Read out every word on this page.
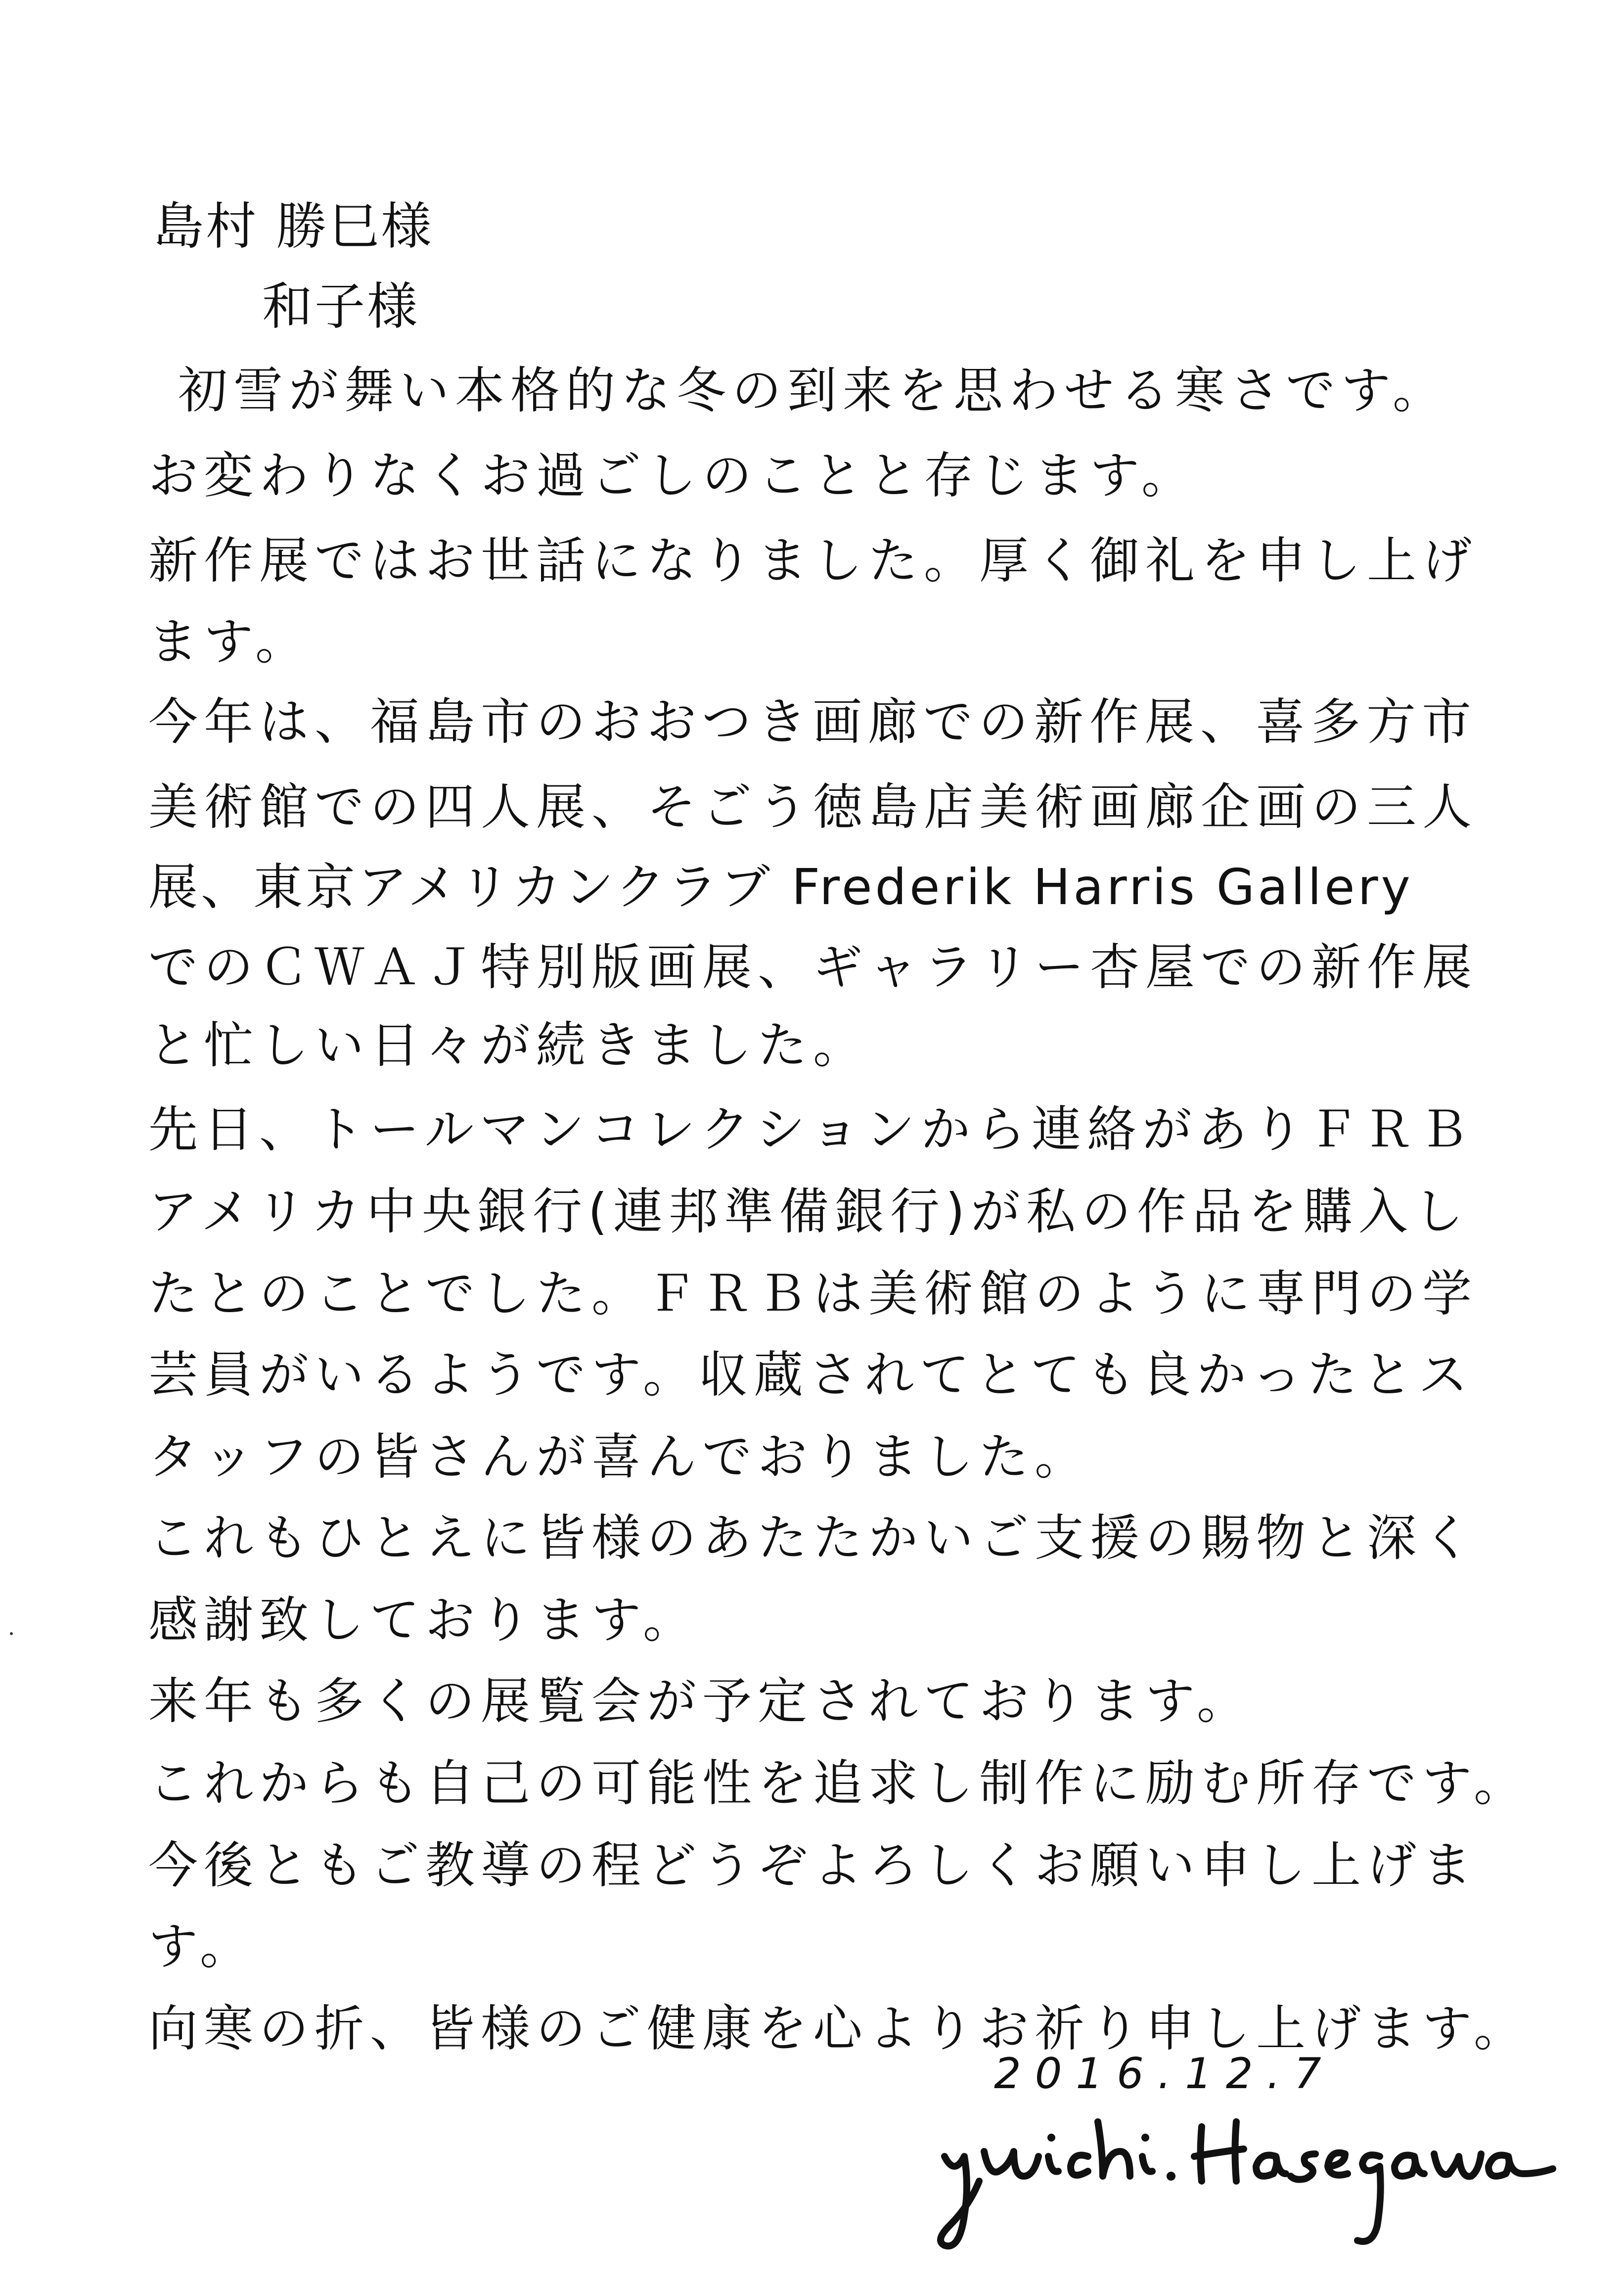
島村 勝巳様
和子様
初雪が舞い本格的な冬の到来を思わせる寒さです。
お変わりなくお過ごしのことと存じます。
新作展ではお世話になりました。厚く御礼を申し上げ
ます。
今年は、福島市のおおつき画廊での新作展、喜多方市
美術館での四人展、そごう徳島店美術画廊企画の三人
展、東京アメリカンクラブ Frederik Harris Gallery
でのＣＷＡＪ特別版画展、ギャラリー杏屋での新作展
と忙しい日々が続きました。
先日、トールマンコレクションから連絡がありＦＲＢ
アメリカ中央銀行(連邦準備銀行)が私の作品を購入し
たとのことでした。ＦＲＢは美術館のように専門の学
芸員がいるようです。収蔵されてとても良かったとス
タッフの皆さんが喜んでおりました。
これもひとえに皆様のあたたかいご支援の賜物と深く
感謝致しております。
来年も多くの展覧会が予定されております。
これからも自己の可能性を追求し制作に励む所存です。
今後ともご教導の程どうぞよろしくお願い申し上げま
す。
向寒の折、皆様のご健康を心よりお祈り申し上げます。
2016.12.7
